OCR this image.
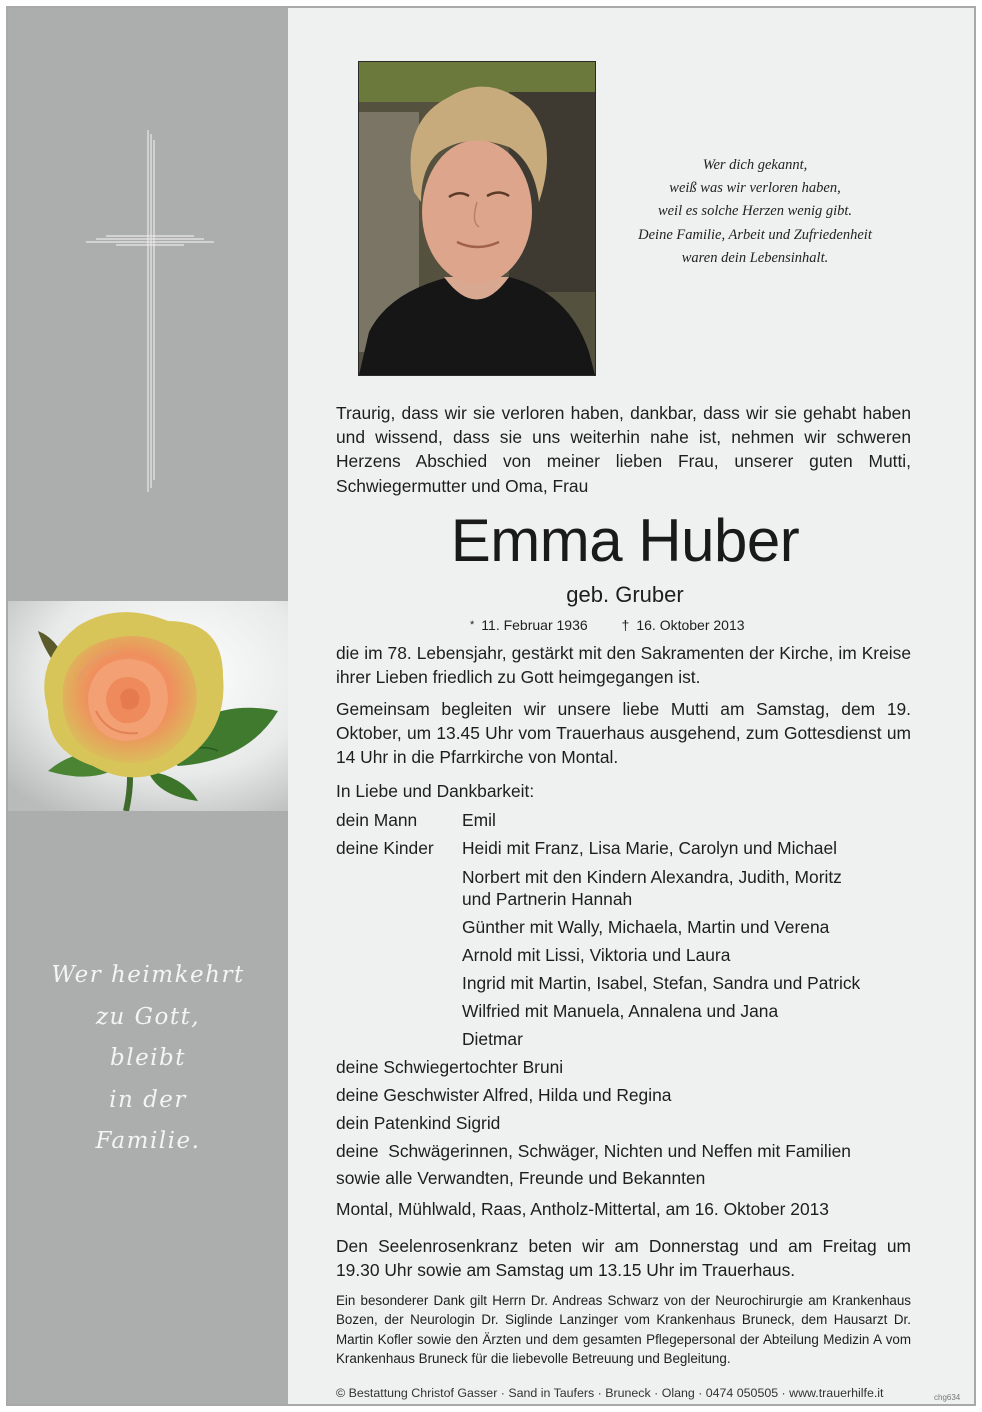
Wer heimkehrt
zu Gott,
bleibt
in der
Familie.
Wer dich gekannt,
weiß was wir verloren haben,
weil es solche Herzen wenig gibt.
Deine Familie, Arbeit und Zufriedenheit
waren dein Lebensinhalt.
Traurig, dass wir sie verloren haben, dankbar, dass wir sie gehabt haben und wissend, dass sie uns weiterhin nahe ist, nehmen wir schweren Herzens Abschied von meiner lieben Frau, unserer guten Mutti, Schwiegermutter und Oma, Frau
Emma Huber
geb. Gruber
* 11. Februar 1936 † 16. Oktober 2013
die im 78. Lebensjahr, gestärkt mit den Sakramenten der Kirche, im Kreise ihrer Lieben friedlich zu Gott heimgegangen ist.
Gemeinsam begleiten wir unsere liebe Mutti am Samstag, dem 19. Oktober, um 13.45 Uhr vom Trauerhaus ausgehend, zum Gottesdienst um 14 Uhr in die Pfarrkirche von Montal.
In Liebe und Dankbarkeit:
dein Mann	Emil
deine Kinder Heidi mit Franz, Lisa Marie, Carolyn und Michael
Norbert mit den Kindern Alexandra, Judith, Moritz
und Partnerin Hannah
Günther mit Wally, Michaela, Martin und Verena
Arnold mit Lissi, Viktoria und Laura
Ingrid mit Martin, Isabel, Stefan, Sandra und Patrick
Wilfried mit Manuela, Annalena und Jana
Dietmar
deine Schwiegertochter Bruni
deine Geschwister Alfred, Hilda und Regina
dein Patenkind Sigrid
deine  Schwägerinnen, Schwäger, Nichten und Neffen mit Familien
sowie alle Verwandten, Freunde und Bekannten
Montal, Mühlwald, Raas, Antholz-Mittertal, am 16. Oktober 2013
Den Seelenrosenkranz beten wir am Donnerstag und am Freitag um 19.30 Uhr sowie am Samstag um 13.15 Uhr im Trauerhaus.
Ein besonderer Dank gilt Herrn Dr. Andreas Schwarz von der Neurochirurgie am Krankenhaus Bozen, der Neurologin Dr. Siglinde Lanzinger vom Krankenhaus Bruneck, dem Hausarzt Dr. Martin Kofler sowie den Ärzten und dem gesamten Pflegepersonal der Abteilung Medizin A vom Krankenhaus Bruneck für die liebevolle Betreuung und Begleitung.
© Bestattung Christof Gasser · Sand in Taufers · Bruneck · Olang · 0474 050505 · www.trauerhilfe.it	chg634
